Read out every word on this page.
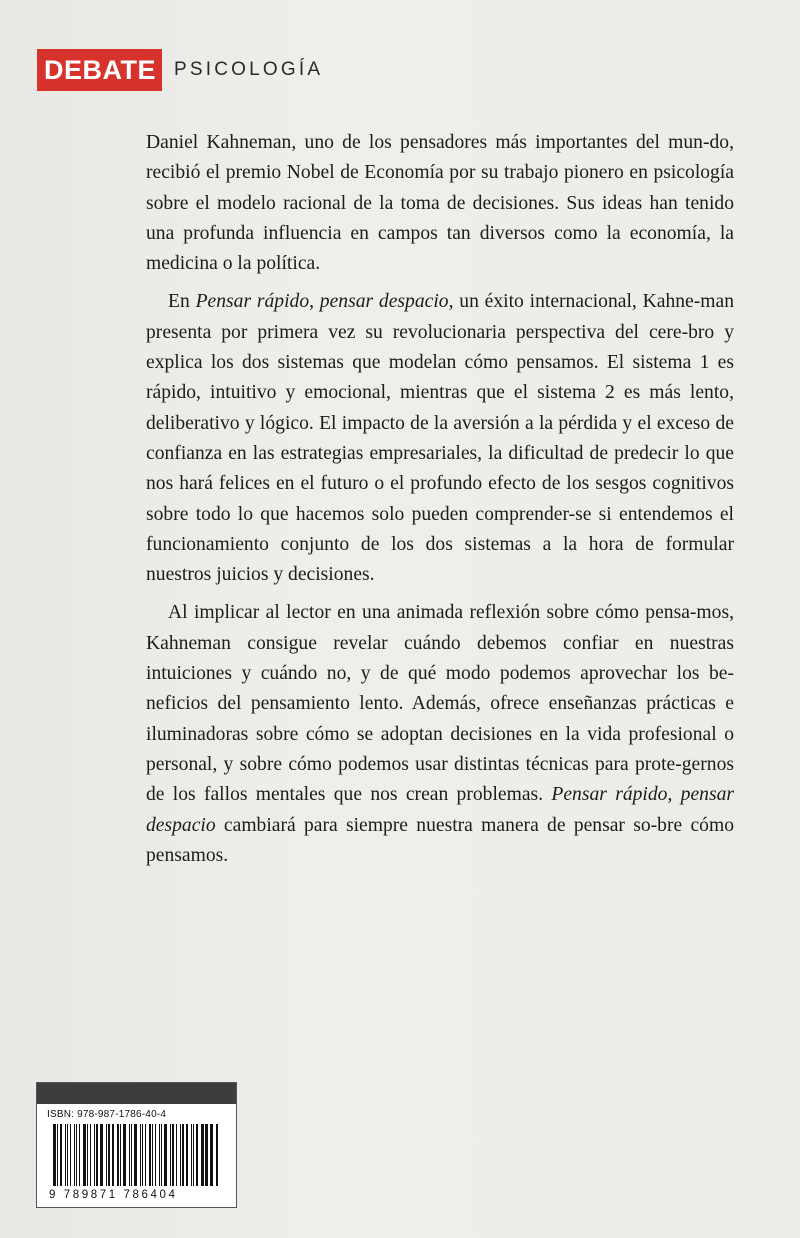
DEBATE PSICOLOGÍA

Daniel Kahneman, uno de los pensadores más importantes del mun-do, recibió el premio Nobel de Economía por su trabajo pionero en psicología sobre el modelo racional de la toma de decisiones. Sus ideas han tenido una profunda influencia en campos tan diversos como la economía, la medicina o la política.

En Pensar rápido, pensar despacio, un éxito internacional, Kahne-man presenta por primera vez su revolucionaria perspectiva del cere-bro y explica los dos sistemas que modelan cómo pensamos. El sistema 1 es rápido, intuitivo y emocional, mientras que el sistema 2 es más lento, deliberativo y lógico. El impacto de la aversión a la pérdida y el exceso de confianza en las estrategias empresariales, la dificultad de predecir lo que nos hará felices en el futuro o el profundo efecto de los sesgos cognitivos sobre todo lo que hacemos solo pueden comprender-se si entendemos el funcionamiento conjunto de los dos sistemas a la hora de formular nuestros juicios y decisiones.

Al implicar al lector en una animada reflexión sobre cómo pensa-mos, Kahneman consigue revelar cuándo debemos confiar en nuestras intuiciones y cuándo no, y de qué modo podemos aprovechar los be-neficios del pensamiento lento. Además, ofrece enseñanzas prácticas e iluminadoras sobre cómo se adoptan decisiones en la vida profesional o personal, y sobre cómo podemos usar distintas técnicas para prote-gernos de los fallos mentales que nos crean problemas. Pensar rápido, pensar despacio cambiará para siempre nuestra manera de pensar so-bre cómo pensamos.

ISBN: 978-987-1786-40-4
9 789871 786404
